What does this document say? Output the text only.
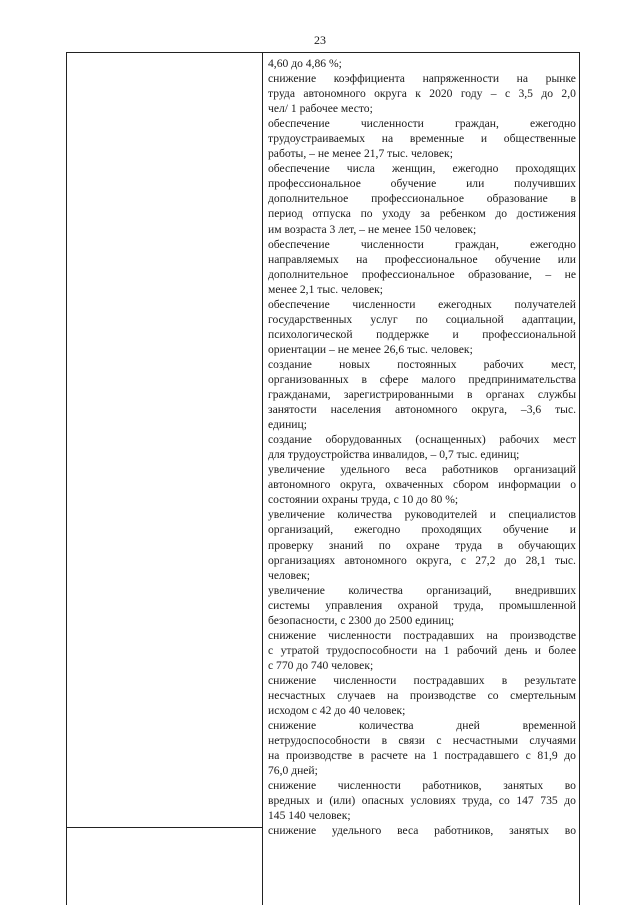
23
4,60 до 4,86 %;
снижение коэффициента напряженности на рынке
труда автономного округа к 2020 году – с 3,5 до 2,0
чел/ 1 рабочее место;
обеспечение	численности	граждан,	ежегодно
трудоустраиваемых на временные и общественные
работы, – не менее 21,7 тыс. человек;
обеспечение числа женщин, ежегодно проходящих
профессиональное	обучение	или	получивших
дополнительное профессиональное образование в
период отпуска по уходу за ребенком до достижения
им возраста 3 лет, – не менее 150 человек;
обеспечение	численности	граждан,	ежегодно
направляемых на профессиональное обучение или
дополнительное профессиональное образование, – не
менее 2,1 тыс. человек;
обеспечение численности ежегодных получателей
государственных услуг по социальной адаптации,
психологической поддержке и профессиональной
ориентации – не менее 26,6 тыс. человек;
создание новых постоянных рабочих мест,
организованных в сфере малого предпринимательства
гражданами, зарегистрированными в органах службы
занятости населения автономного округа, –3,6 тыс.
единиц;
создание оборудованных (оснащенных) рабочих мест
для трудоустройства инвалидов, – 0,7 тыс. единиц;
увеличение удельного веса работников организаций
автономного округа, охваченных сбором информации о
состоянии охраны труда, с 10 до 80 %;
увеличение количества руководителей и специалистов
организаций, ежегодно проходящих обучение и
проверку знаний по охране труда в обучающих
организациях автономного округа, с 27,2 до 28,1 тыс.
человек;
увеличение количества организаций, внедривших
системы управления охраной труда, промышленной
безопасности, с 2300 до 2500 единиц;
снижение численности пострадавших на производстве
с утратой трудоспособности на 1 рабочий день и более
с 770 до 740 человек;
снижение численности пострадавших в результате
несчастных случаев на производстве со смертельным
исходом с 42 до 40 человек;
снижение	количества	дней	временной
нетрудоспособности в связи с несчастными случаями
на производстве в расчете на 1 пострадавшего с 81,9 до
76,0 дней;
снижение численности работников, занятых во
вредных и (или) опасных условиях труда, со 147 735 до
145 140 человек;
снижение удельного веса работников, занятых во
